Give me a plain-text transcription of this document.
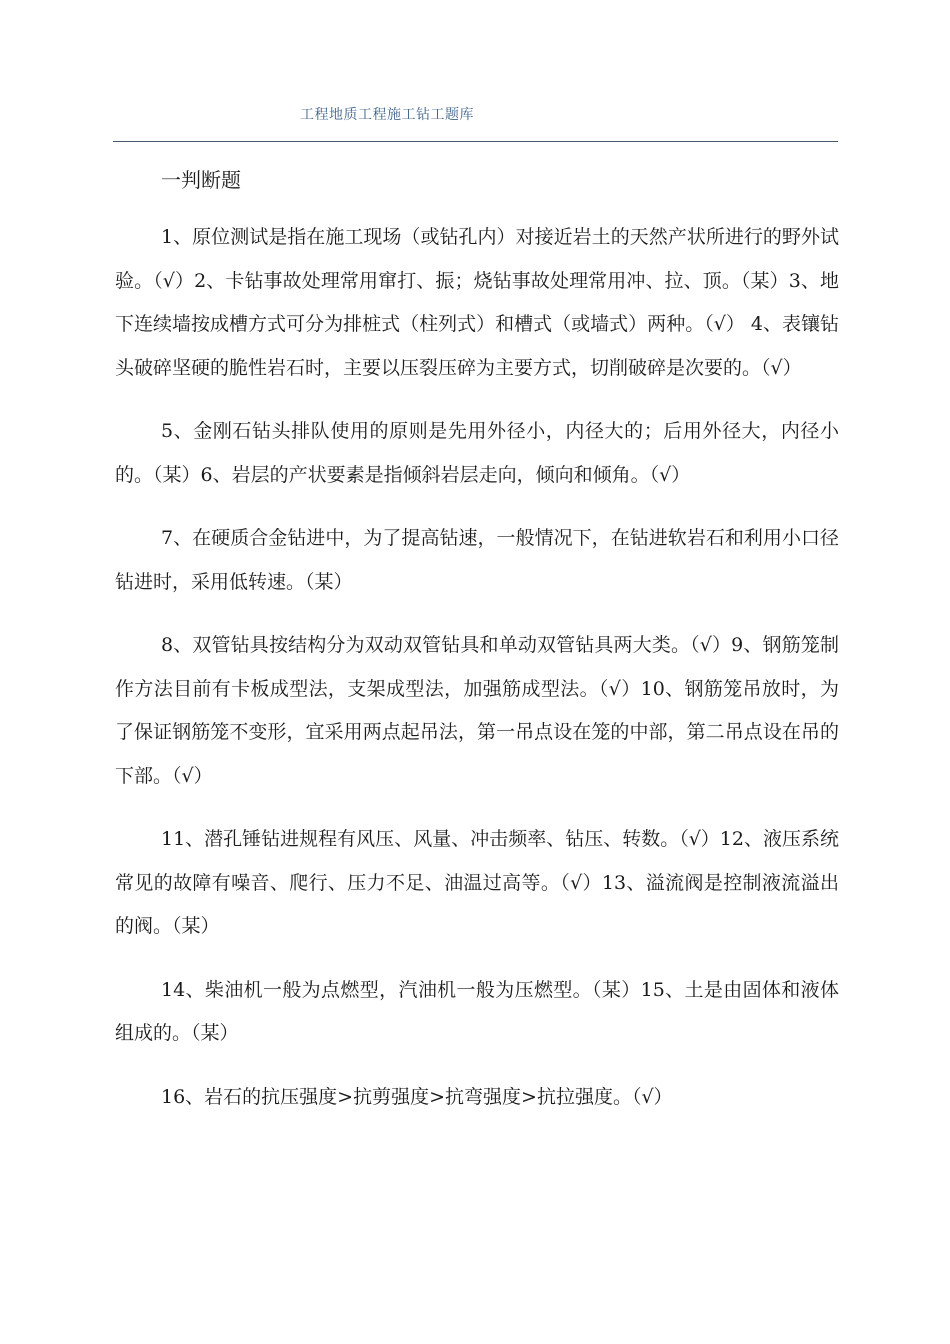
工程地质工程施工钻工题库
一判断题

1、原位测试是指在施工现场（或钻孔内）对接近岩土的天然产状所进行的野外试验。（√）2、卡钻事故处理常用窜打、振；烧钻事故处理常用冲、拉、顶。（某）3、地下连续墙按成槽方式可分为排桩式（柱列式）和槽式（或墙式）两种。（√） 4、表镶钻头破碎坚硬的脆性岩石时，主要以压裂压碎为主要方式，切削破碎是次要的。（√）

5、金刚石钻头排队使用的原则是先用外径小，内径大的；后用外径大，内径小的。（某）6、岩层的产状要素是指倾斜岩层走向，倾向和倾角。（√）

7、在硬质合金钻进中，为了提高钻速，一般情况下，在钻进软岩石和利用小口径钻进时，采用低转速。（某）

8、双管钻具按结构分为双动双管钻具和单动双管钻具两大类。（√）9、钢筋笼制作方法目前有卡板成型法，支架成型法，加强筋成型法。（√）10、钢筋笼吊放时，为了保证钢筋笼不变形，宜采用两点起吊法，第一吊点设在笼的中部，第二吊点设在吊的下部。（√）

11、潜孔锤钻进规程有风压、风量、冲击频率、钻压、转数。（√）12、液压系统常见的故障有噪音、爬行、压力不足、油温过高等。（√）13、溢流阀是控制液流溢出的阀。（某）

14、柴油机一般为点燃型，汽油机一般为压燃型。（某）15、土是由固体和液体组成的。（某）

16、岩石的抗压强度>抗剪强度>抗弯强度>抗拉强度。（√）
